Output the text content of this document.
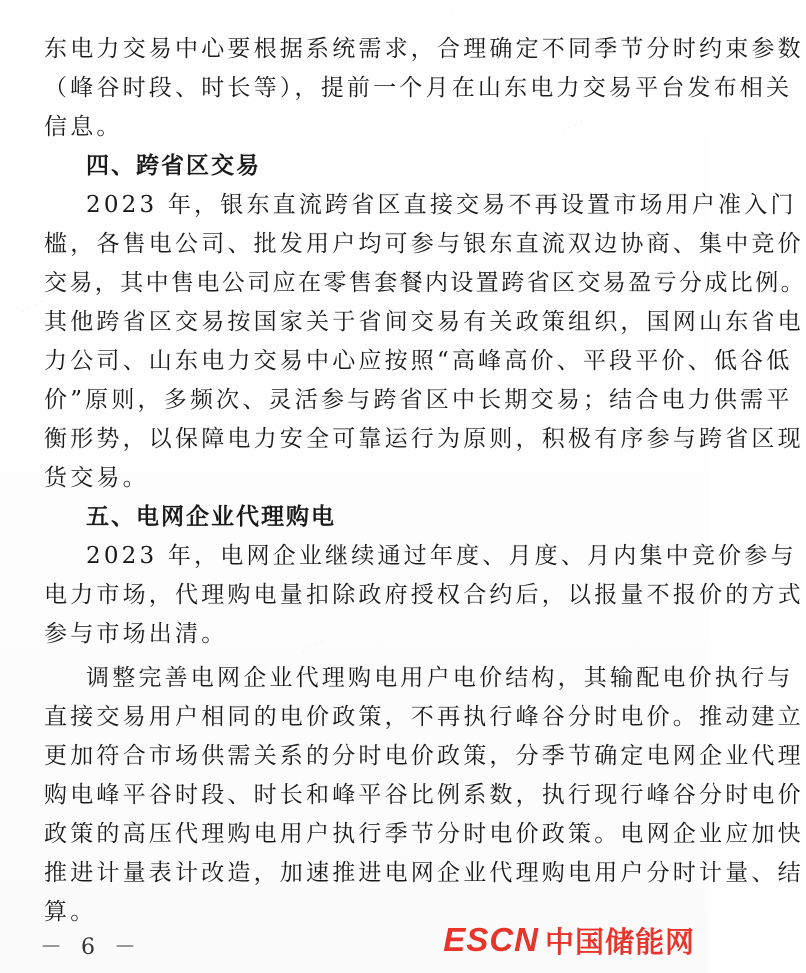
· · · ·
· · · ·
· · · ·
· · · ·
东电力交易中心要根据系统需求，合理确定不同季节分时约束参数
（峰谷时段、时长等），提前一个月在山东电力交易平台发布相关
信息。
四、跨省区交易
2023 年，银东直流跨省区直接交易不再设置市场用户准入门
槛，各售电公司、批发用户均可参与银东直流双边协商、集中竞价
交易，其中售电公司应在零售套餐内设置跨省区交易盈亏分成比例。
其他跨省区交易按国家关于省间交易有关政策组织，国网山东省电
力公司、山东电力交易中心应按照“高峰高价、平段平价、低谷低
价”原则，多频次、灵活参与跨省区中长期交易；结合电力供需平
衡形势，以保障电力安全可靠运行为原则，积极有序参与跨省区现
货交易。
五、电网企业代理购电
2023 年，电网企业继续通过年度、月度、月内集中竞价参与
电力市场，代理购电量扣除政府授权合约后，以报量不报价的方式
参与市场出清。
调整完善电网企业代理购电用户电价结构，其输配电价执行与
直接交易用户相同的电价政策，不再执行峰谷分时电价。推动建立
更加符合市场供需关系的分时电价政策，分季节确定电网企业代理
购电峰平谷时段、时长和峰平谷比例系数，执行现行峰谷分时电价
政策的高压代理购电用户执行季节分时电价政策。电网企业应加快
推进计量表计改造，加速推进电网企业代理购电用户分时计量、结
算。
－ 6 －	ESCN 中国储能网
